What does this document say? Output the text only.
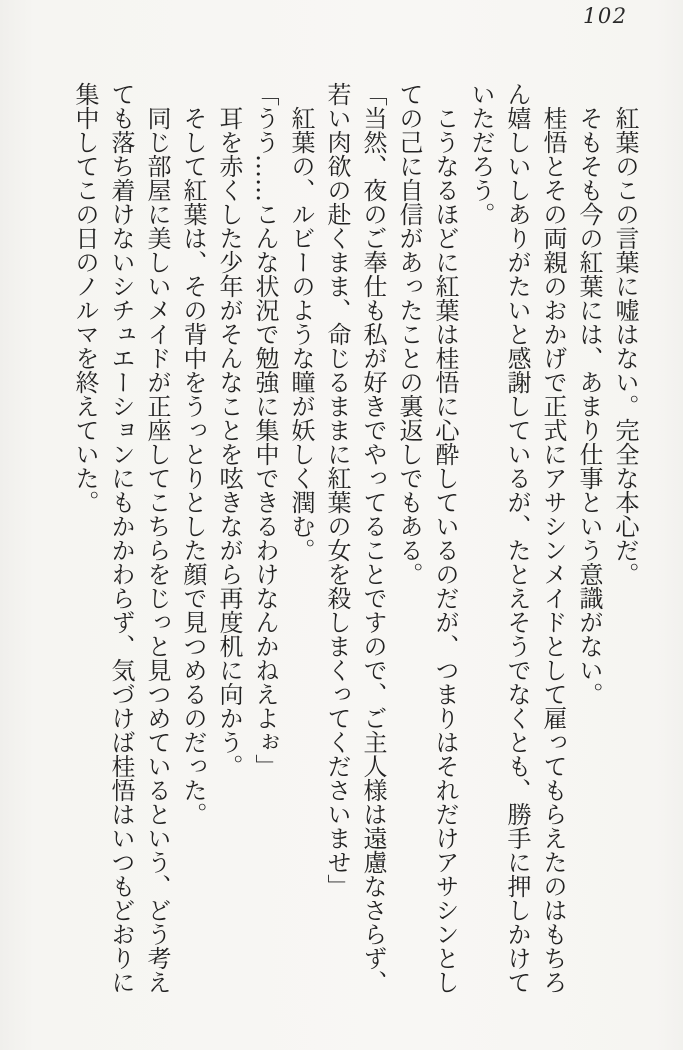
102

紅葉のこの言葉に嘘はない。完全な本心だ。

そもそも今の紅葉には、あまり仕事という意識がない。

桂悟とその両親のおかげで正式にアサシンメイドとして雇ってもらえたのはもちろん嬉しいしありがたいと感謝しているが、たとえそうでなくとも、勝手に押しかけていただろう。

こうなるほどに紅葉は桂悟に心酔しているのだが、つまりはそれだけアサシンとしての己に自信があったことの裏返しでもある。

「当然、夜のご奉仕も私が好きでやってることですので、ご主人様は遠慮なさらず、若い肉欲の赴くまま、命じるままに紅葉の女を殺しまくってくださいませ」

紅葉の、ルビーのような瞳が妖しく潤む。

「うう……こんな状況で勉強に集中できるわけなんかねえよぉ」

耳を赤くした少年がそんなことを呟きながら再度机に向かう。

そして紅葉は、その背中をうっとりとした顔で見つめるのだった。

同じ部屋に美しいメイドが正座してこちらをじっと見つめているという、どう考えても落ち着けないシチュエーションにもかかわらず、気づけば桂悟はいつもどおりに集中してこの日のノルマを終えていた。
